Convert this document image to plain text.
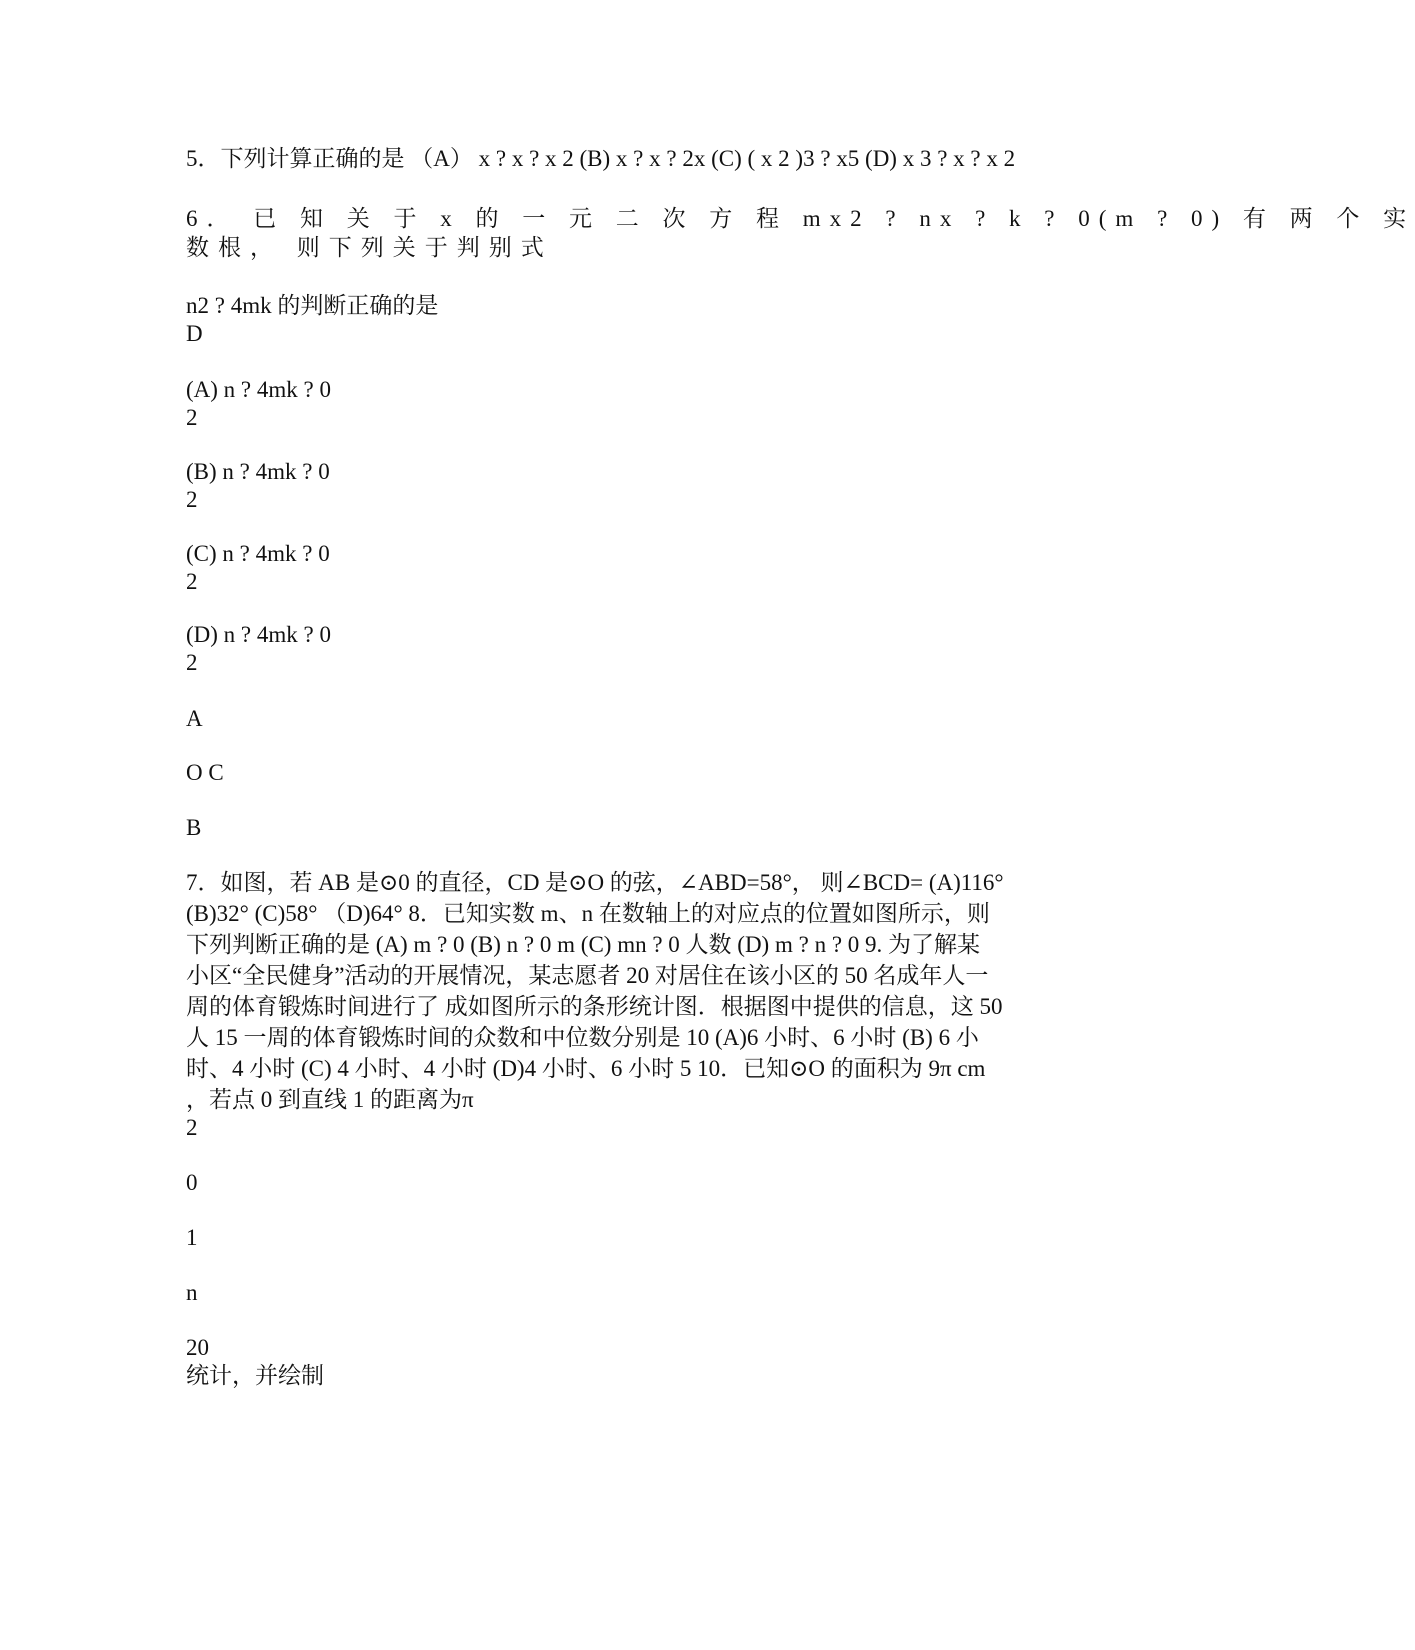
5．下列计算正确的是 （A） x ? x ? x 2 (B) x ? x ? 2x (C) ( x 2 )3 ? x5 (D) x 3 ? x ? x 2
6． 已 知 关 于 x 的 一 元 二 次 方 程 mx2 ? nx ? k ? 0(m ? 0) 有 两 个 实
数根， 则下列关于判别式
n2 ? 4mk 的判断正确的是
D
(A) n ? 4mk ? 0
2
(B) n ? 4mk ? 0
2
(C) n ? 4mk ? 0
2
(D) n ? 4mk ? 0
2
A
O C
B
7．如图，若 AB 是⊙0 的直径，CD 是⊙O 的弦，∠ABD=58°， 则∠BCD= (A)116°
(B)32° (C)58° （D)64° 8．已知实数 m、n 在数轴上的对应点的位置如图所示，则
下列判断正确的是 (A) m ? 0 (B) n ? 0 m (C) mn ? 0 人数 (D) m ? n ? 0 9. 为了解某
小区“全民健身”活动的开展情况，某志愿者 20 对居住在该小区的 50 名成年人一
周的体育锻炼时间进行了 成如图所示的条形统计图．根据图中提供的信息，这 50
人 15 一周的体育锻炼时间的众数和中位数分别是 10 (A)6 小时、6 小时 (B) 6 小
时、4 小时 (C) 4 小时、4 小时 (D)4 小时、6 小时 5 10．已知⊙O 的面积为 9π cm
，若点 0 到直线 1 的距离为π
2
0
1
n
20
统计，并绘制
